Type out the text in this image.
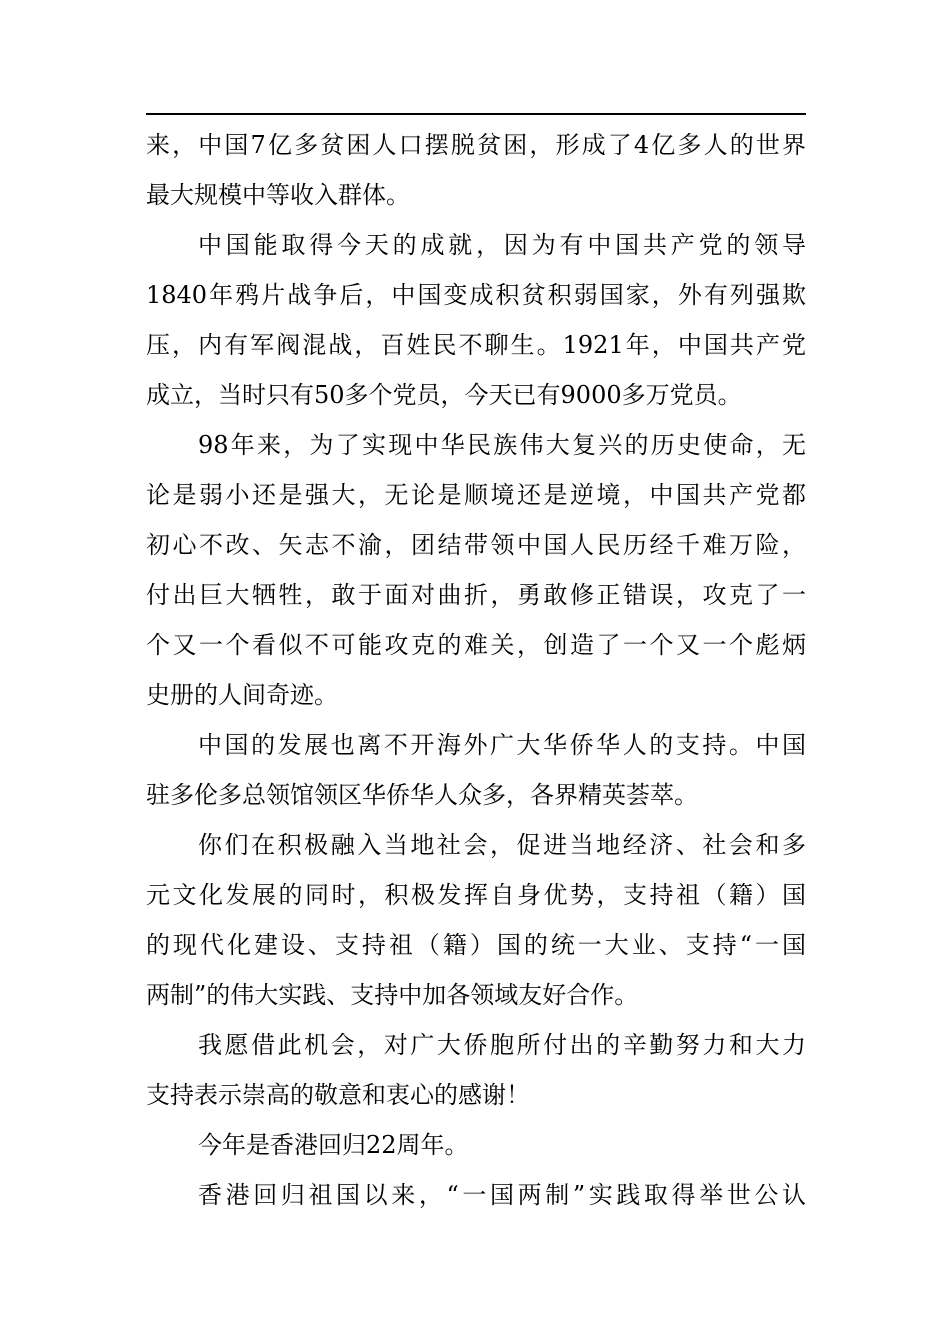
来，中国7亿多贫困人口摆脱贫困，形成了4亿多人的世界
最大规模中等收入群体。
中国能取得今天的成就，因为有中国共产党的领导
1840年鸦片战争后，中国变成积贫积弱国家，外有列强欺
压，内有军阀混战，百姓民不聊生。1921年，中国共产党
成立，当时只有50多个党员，今天已有9000多万党员。
98年来，为了实现中华民族伟大复兴的历史使命，无
论是弱小还是强大，无论是顺境还是逆境，中国共产党都
初心不改、矢志不渝，团结带领中国人民历经千难万险，
付出巨大牺牲，敢于面对曲折，勇敢修正错误，攻克了一
个又一个看似不可能攻克的难关，创造了一个又一个彪炳
史册的人间奇迹。
中国的发展也离不开海外广大华侨华人的支持。中国
驻多伦多总领馆领区华侨华人众多，各界精英荟萃。
你们在积极融入当地社会，促进当地经济、社会和多
元文化发展的同时，积极发挥自身优势，支持祖（籍）国
的现代化建设、支持祖（籍）国的统一大业、支持“一国
两制”的伟大实践、支持中加各领域友好合作。
我愿借此机会，对广大侨胞所付出的辛勤努力和大力
支持表示崇高的敬意和衷心的感谢！
今年是香港回归22周年。
香港回归祖国以来，“一国两制”实践取得举世公认
